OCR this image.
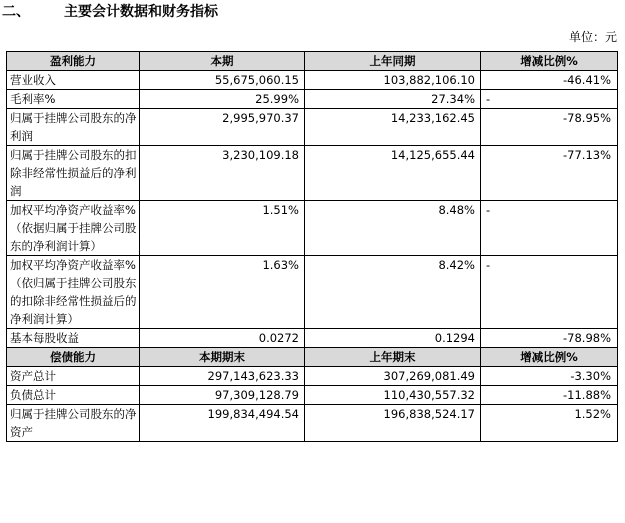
二、 主要会计数据和财务指标
单位：元
盈利能力	本期	上年同期	增减比例%
营业收入	55,675,060.15	103,882,106.10	-46.41%
毛利率%	25.99%	27.34%	-
归属于挂牌公司股东的净利润	2,995,970.37	14,233,162.45	-78.95%
归属于挂牌公司股东的扣除非经常性损益后的净利润	3,230,109.18	14,125,655.44	-77.13%
加权平均净资产收益率%（依据归属于挂牌公司股东的净利润计算）	1.51%	8.48%	-
加权平均净资产收益率%（依归属于挂牌公司股东的扣除非经常性损益后的净利润计算）	1.63%	8.42%	-
基本每股收益	0.0272	0.1294	-78.98%
偿债能力	本期期末	上年期末	增减比例%
资产总计	297,143,623.33	307,269,081.49	-3.30%
负债总计	97,309,128.79	110,430,557.32	-11.88%
归属于挂牌公司股东的净资产	199,834,494.54	196,838,524.17	1.52%
